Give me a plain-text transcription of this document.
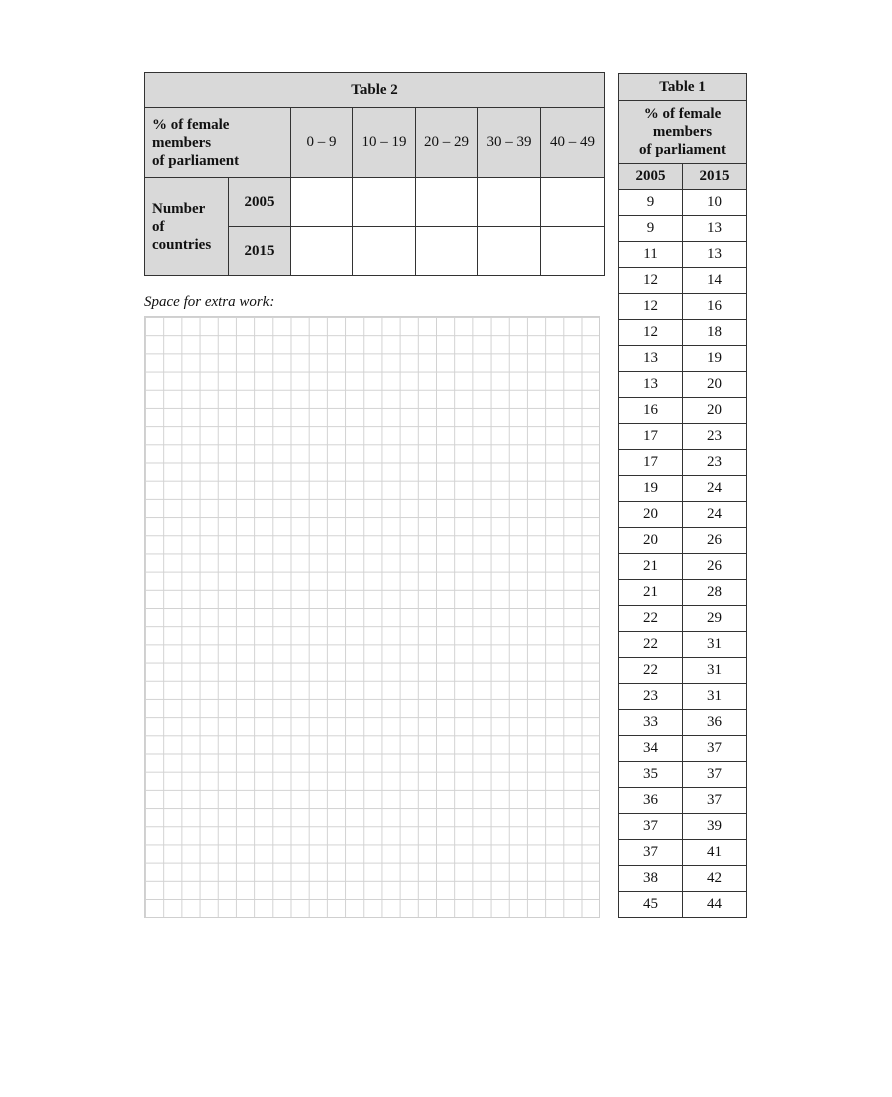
Table 2						
% of female
members
of parliament		0 – 9	10 – 19	20 – 29	30 – 39	40 – 49
Number
of
countries	2005					
	2015					
Space for extra work:
Table 1	
% of female
members
of parliament	
2005	2015
9	10
9	13
11	13
12	14
12	16
12	18
13	19
13	20
16	20
17	23
17	23
19	24
20	24
20	26
21	26
21	28
22	29
22	31
22	31
23	31
33	36
34	37
35	37
36	37
37	39
37	41
38	42
45	44
